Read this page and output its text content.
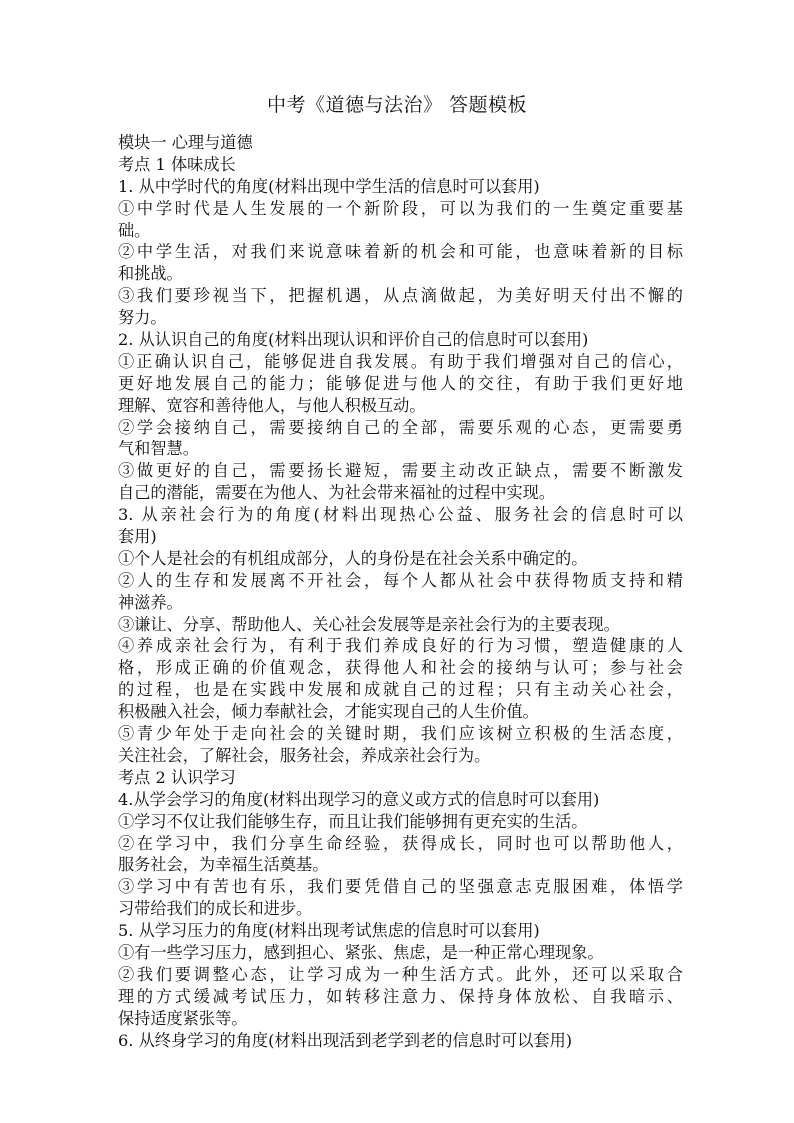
中考《道德与法治》 答题模板
模块一 心理与道德
考点 1 体味成长
1. 从中学时代的角度(材料出现中学生活的信息时可以套用)
①中学时代是人生发展的一个新阶段，可以为我们的一生奠定重要基
础。
②中学生活，对我们来说意味着新的机会和可能，也意味着新的目标
和挑战。
③我们要珍视当下，把握机遇，从点滴做起，为美好明天付出不懈的
努力。
2. 从认识自己的角度(材料出现认识和评价自己的信息时可以套用)
①正确认识自己，能够促进自我发展。有助于我们增强对自己的信心，
更好地发展自己的能力；能够促进与他人的交往，有助于我们更好地
理解、宽容和善待他人，与他人积极互动。
②学会接纳自己，需要接纳自己的全部，需要乐观的心态，更需要勇
气和智慧。
③做更好的自己，需要扬长避短，需要主动改正缺点，需要不断激发
自己的潜能，需要在为他人、为社会带来福祉的过程中实现。
3. 从亲社会行为的角度(材料出现热心公益、服务社会的信息时可以
套用)
①个人是社会的有机组成部分，人的身份是在社会关系中确定的。
②人的生存和发展离不开社会，每个人都从社会中获得物质支持和精
神滋养。
③谦让、分享、帮助他人、关心社会发展等是亲社会行为的主要表现。
④养成亲社会行为，有利于我们养成良好的行为习惯，塑造健康的人
格，形成正确的价值观念，获得他人和社会的接纳与认可；参与社会
的过程，也是在实践中发展和成就自己的过程；只有主动关心社会，
积极融入社会，倾力奉献社会，才能实现自己的人生价值。
⑤青少年处于走向社会的关键时期，我们应该树立积极的生活态度，
关注社会，了解社会，服务社会，养成亲社会行为。
考点 2 认识学习
4.从学会学习的角度(材料出现学习的意义或方式的信息时可以套用)
①学习不仅让我们能够生存，而且让我们能够拥有更充实的生活。
②在学习中，我们分享生命经验，获得成长，同时也可以帮助他人，
服务社会，为幸福生活奠基。
③学习中有苦也有乐，我们要凭借自己的坚强意志克服困难，体悟学
习带给我们的成长和进步。
5. 从学习压力的角度(材料出现考试焦虑的信息时可以套用)
①有一些学习压力，感到担心、紧张、焦虑，是一种正常心理现象。
②我们要调整心态，让学习成为一种生活方式。此外，还可以采取合
理的方式缓减考试压力，如转移注意力、保持身体放松、自我暗示、
保持适度紧张等。
6. 从终身学习的角度(材料出现活到老学到老的信息时可以套用)
